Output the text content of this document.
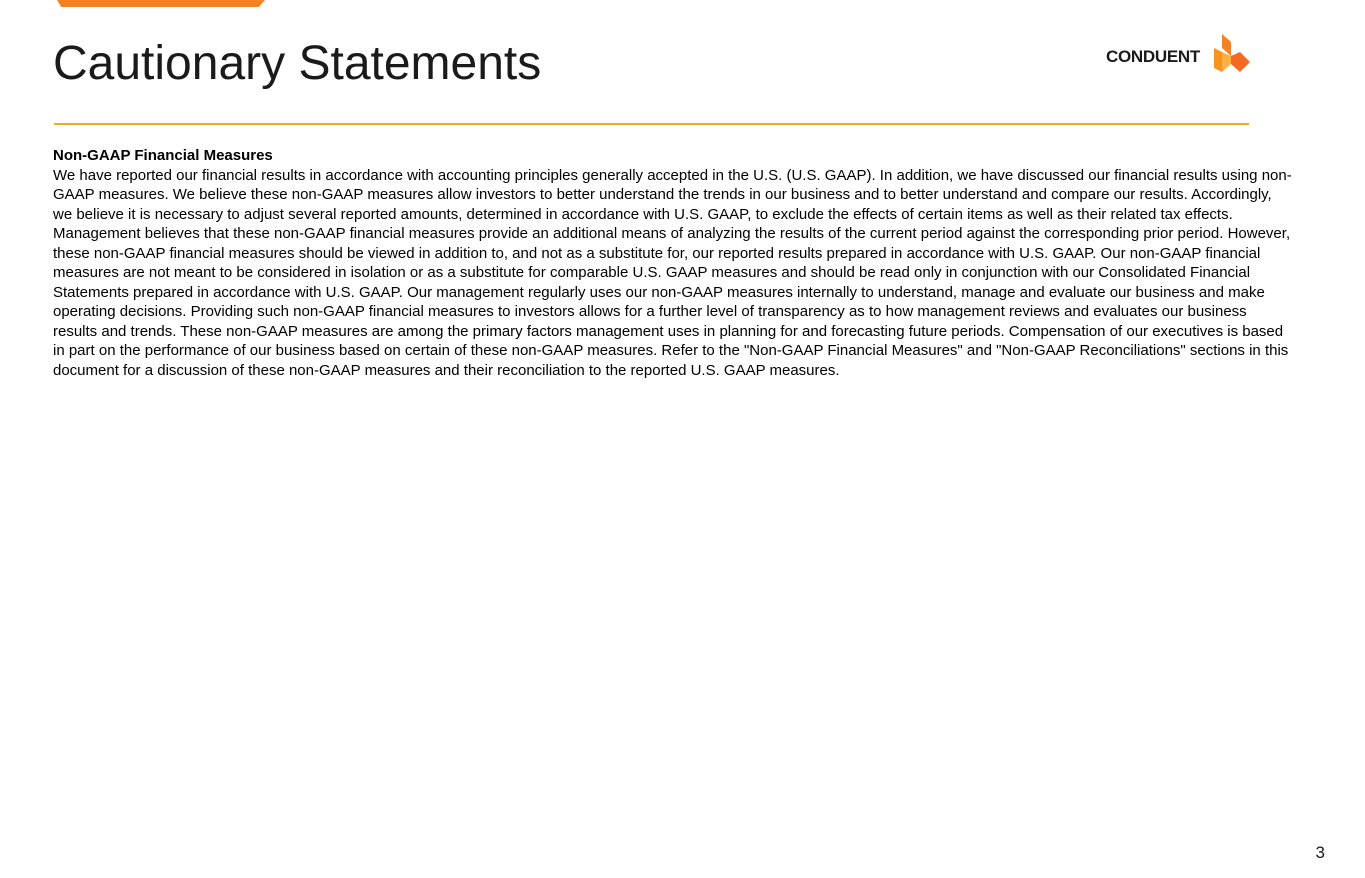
Cautionary Statements	CONDUENT

Non-GAAP Financial Measures

We have reported our financial results in accordance with accounting principles generally accepted in the U.S. (U.S. GAAP). In addition, we have discussed our financial results using non-GAAP measures. We believe these non-GAAP measures allow investors to better understand the trends in our business and to better understand and compare our results. Accordingly, we believe it is necessary to adjust several reported amounts, determined in accordance with U.S. GAAP, to exclude the effects of certain items as well as their related tax effects. Management believes that these non-GAAP financial measures provide an additional means of analyzing the results of the current period against the corresponding prior period. However, these non-GAAP financial measures should be viewed in addition to, and not as a substitute for, our reported results prepared in accordance with U.S. GAAP. Our non-GAAP financial measures are not meant to be considered in isolation or as a substitute for comparable U.S. GAAP measures and should be read only in conjunction with our Consolidated Financial Statements prepared in accordance with U.S. GAAP. Our management regularly uses our non-GAAP measures internally to understand, manage and evaluate our business and make operating decisions. Providing such non-GAAP financial measures to investors allows for a further level of transparency as to how management reviews and evaluates our business results and trends. These non-GAAP measures are among the primary factors management uses in planning for and forecasting future periods. Compensation of our executives is based in part on the performance of our business based on certain of these non-GAAP measures. Refer to the "Non-GAAP Financial Measures" and "Non-GAAP Reconciliations" sections in this document for a discussion of these non-GAAP measures and their reconciliation to the reported U.S. GAAP measures.

3
